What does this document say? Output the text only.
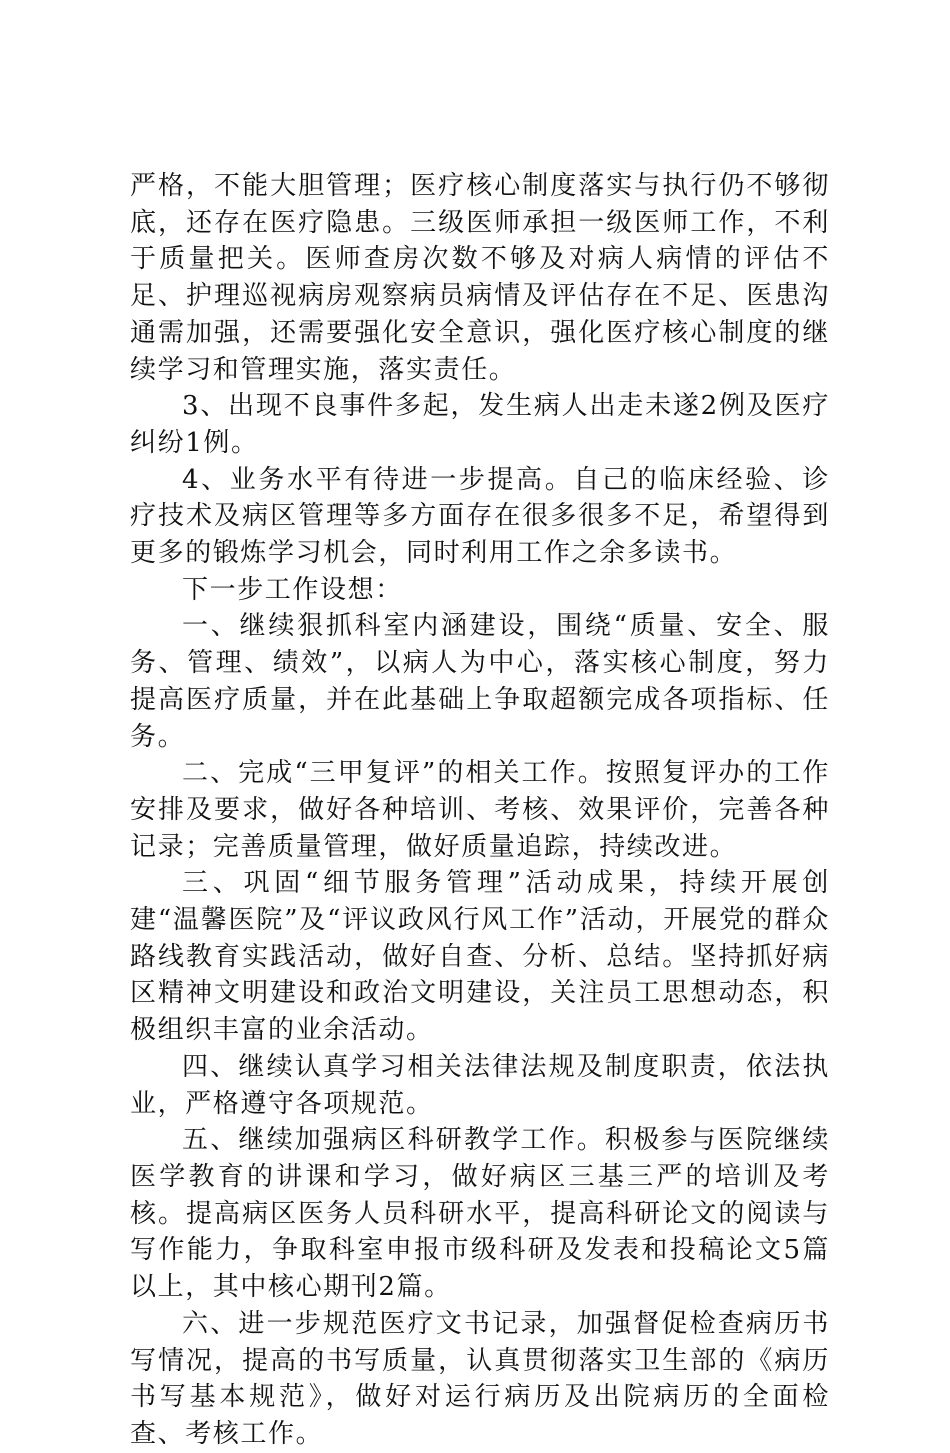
严格，不能大胆管理；医疗核心制度落实与执行仍不够彻底，还存在医疗隐患。三级医师承担一级医师工作，不利于质量把关。医师查房次数不够及对病人病情的评估不足、护理巡视病房观察病员病情及评估存在不足、医患沟通需加强，还需要强化安全意识，强化医疗核心制度的继续学习和管理实施，落实责任。

3、出现不良事件多起，发生病人出走未遂2例及医疗纠纷1例。

4、业务水平有待进一步提高。自己的临床经验、诊疗技术及病区管理等多方面存在很多很多不足，希望得到更多的锻炼学习机会，同时利用工作之余多读书。

下一步工作设想：

一、继续狠抓科室内涵建设，围绕“质量、安全、服务、管理、绩效”，以病人为中心，落实核心制度，努力提高医疗质量，并在此基础上争取超额完成各项指标、任务。

二、完成“三甲复评”的相关工作。按照复评办的工作安排及要求，做好各种培训、考核、效果评价，完善各种记录；完善质量管理，做好质量追踪，持续改进。

三、巩固“细节服务管理”活动成果，持续开展创建“温馨医院”及“评议政风行风工作”活动，开展党的群众路线教育实践活动，做好自查、分析、总结。坚持抓好病区精神文明建设和政治文明建设，关注员工思想动态，积极组织丰富的业余活动。

四、继续认真学习相关法律法规及制度职责，依法执业，严格遵守各项规范。

五、继续加强病区科研教学工作。积极参与医院继续医学教育的讲课和学习，做好病区三基三严的培训及考核。提高病区医务人员科研水平，提高科研论文的阅读与写作能力，争取科室申报市级科研及发表和投稿论文5篇以上，其中核心期刊2篇。

六、进一步规范医疗文书记录，加强督促检查病历书写情况，提高的书写质量，认真贯彻落实卫生部的《病历书写基本规范》，做好对运行病历及出院病历的全面检查、考核工作。
